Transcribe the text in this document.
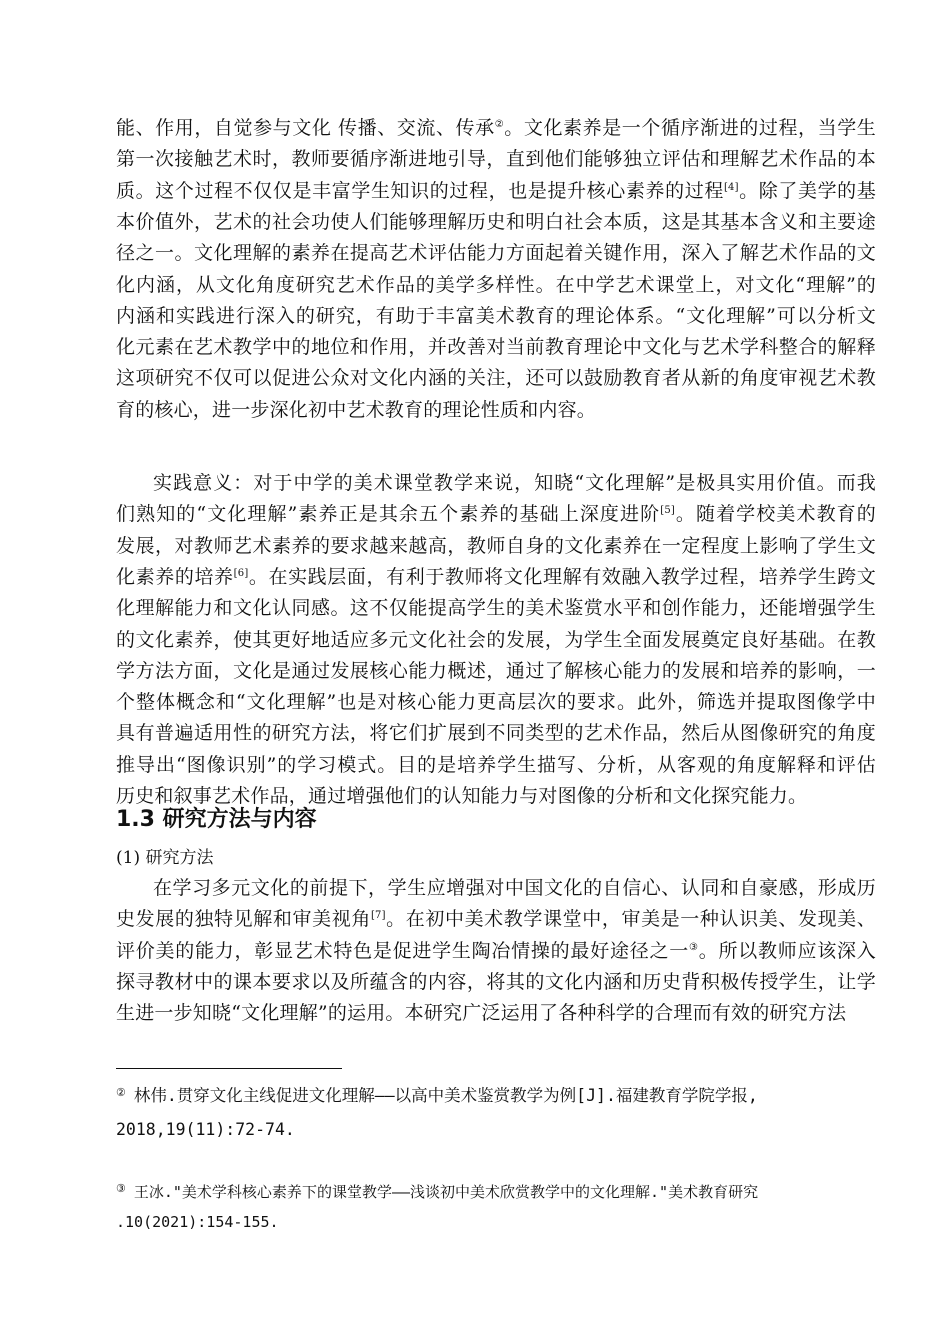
能、作用，自觉参与文化 传播、交流、传承②。文化素养是一个循序渐进的过程，当学生
第一次接触艺术时，教师要循序渐进地引导，直到他们能够独立评估和理解艺术作品的本
质。这个过程不仅仅是丰富学生知识的过程，也是提升核心素养的过程[4]。除了美学的基
本价值外，艺术的社会功使人们能够理解历史和明白社会本质，这是其基本含义和主要途
径之一。文化理解的素养在提高艺术评估能力方面起着关键作用，深入了解艺术作品的文
化内涵，从文化角度研究艺术作品的美学多样性。在中学艺术课堂上，对文化“理解”的
内涵和实践进行深入的研究，有助于丰富美术教育的理论体系。“文化理解”可以分析文
化元素在艺术教学中的地位和作用，并改善对当前教育理论中文化与艺术学科整合的解释
这项研究不仅可以促进公众对文化内涵的关注，还可以鼓励教育者从新的角度审视艺术教
育的核心，进一步深化初中艺术教育的理论性质和内容。
实践意义：对于中学的美术课堂教学来说，知晓“文化理解”是极具实用价值。而我
们熟知的“文化理解”素养正是其余五个素养的基础上深度进阶[5]。随着学校美术教育的
发展，对教师艺术素养的要求越来越高，教师自身的文化素养在一定程度上影响了学生文
化素养的培养[6]。在实践层面，有利于教师将文化理解有效融入教学过程，培养学生跨文
化理解能力和文化认同感。这不仅能提高学生的美术鉴赏水平和创作能力，还能增强学生
的文化素养，使其更好地适应多元文化社会的发展，为学生全面发展奠定良好基础。在教
学方法方面，文化是通过发展核心能力概述，通过了解核心能力的发展和培养的影响，一
个整体概念和“文化理解”也是对核心能力更高层次的要求。此外，筛选并提取图像学中
具有普遍适用性的研究方法，将它们扩展到不同类型的艺术作品，然后从图像研究的角度
推导出“图像识别”的学习模式。目的是培养学生描写、分析，从客观的角度解释和评估
历史和叙事艺术作品，通过增强他们的认知能力与对图像的分析和文化探究能力。
在学习多元文化的前提下，学生应增强对中国文化的自信心、认同和自豪感，形成历
史发展的独特见解和审美视角[7]。在初中美术教学课堂中，审美是一种认识美、发现美、
评价美的能力，彰显艺术特色是促进学生陶冶情操的最好途径之一③。所以教师应该深入
探寻教材中的课本要求以及所蕴含的内容，将其的文化内涵和历史背积极传授学生，让学
生进一步知晓“文化理解”的运用。本研究广泛运用了各种科学的合理而有效的研究方法
1.3 研究方法与内容
(1) 研究方法
② 林伟.贯穿文化主线促进文化理解——以高中美术鉴赏教学为例[J].福建教育学院学报,
2018,19(11):72-74.
③ 王冰."美术学科核心素养下的课堂教学——浅谈初中美术欣赏教学中的文化理解."美术教育研究
.10(2021):154-155.
